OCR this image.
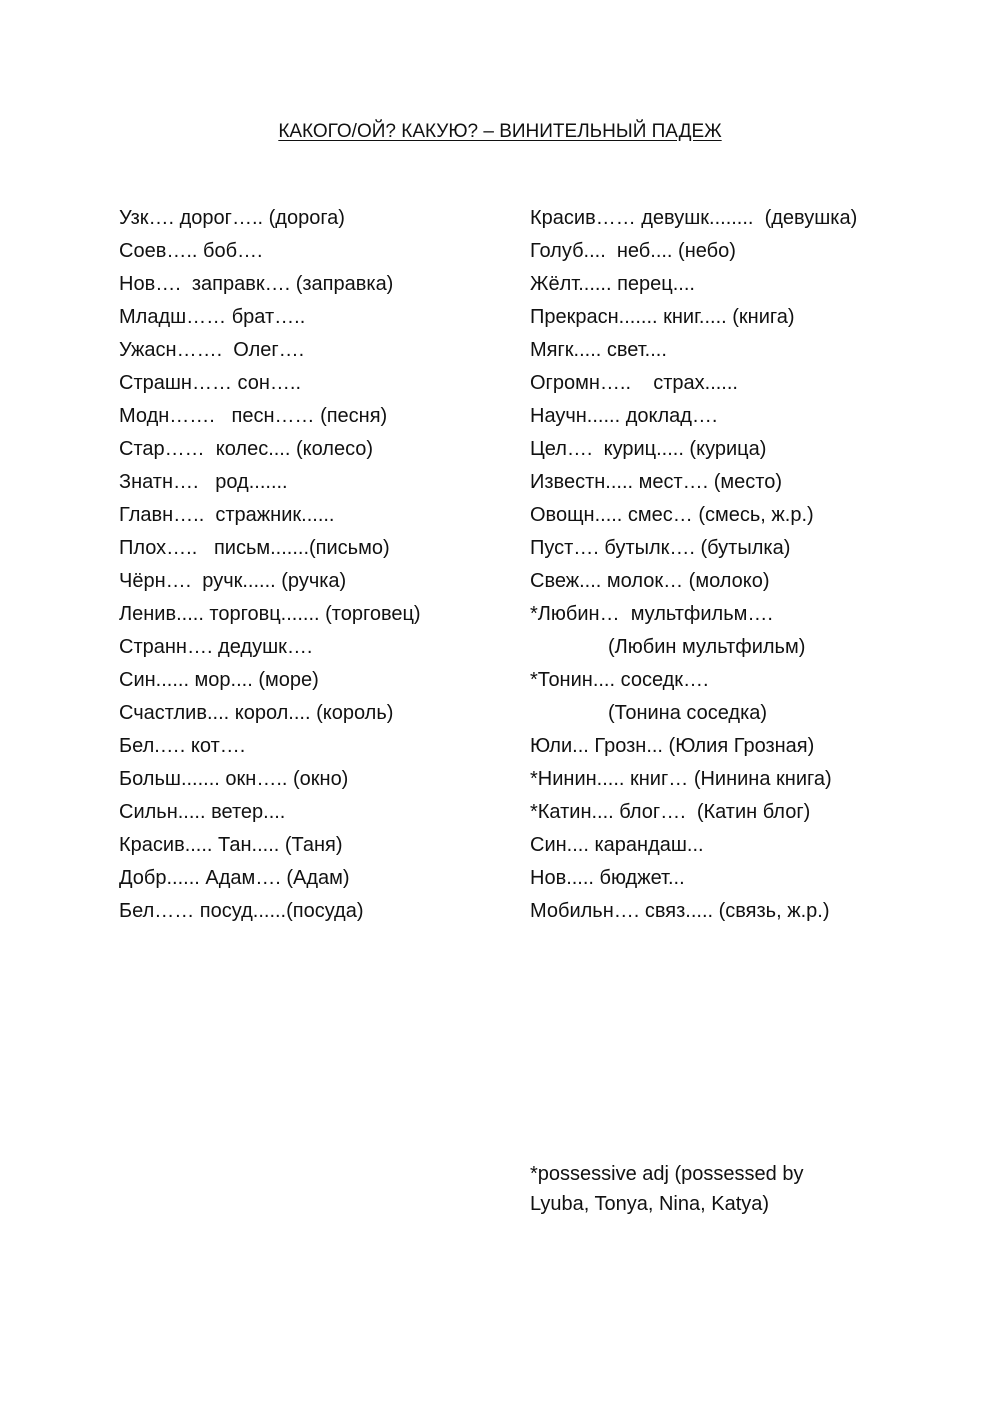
КАКОГО/ОЙ? КАКУЮ? – ВИНИТЕЛЬНЫЙ ПАДЕЖ
Узк…. дорог….. (дорога)
Соев….. боб….
Нов….  заправк…. (заправка)
Младш…… брат…..
Ужасн…….  Олег….
Страшн…… сон…..
Модн…….   песн…… (песня)
Стар……  колес.... (колесо)
Знатн….   род.......
Главн…..  стражник......
Плох…..   письм.......(письмо)
Чёрн….  ручк...... (ручка)
Ленив..... торговц....... (торговец)
Странн…. дедушк….
Син...... мор.... (море)
Счастлив.... корол.... (король)
Бел.…. кот….
Больш....... окн….. (окно)
Сильн..... ветер....
Красив..... Тан..... (Таня)
Добр...... Адам…. (Адам)
Бел…… посуд......(посуда)
Красив…… девушк........  (девушка)
Голуб....  неб.... (небо)
Жёлт...... перец....
Прекрасн....... книг..... (книга)
Мягк..... свет....
Огромн…..    страх......
Научн...... доклад….
Цел….  куриц..... (курица)
Известн..... мест…. (место)
Овощн..... смес… (смесь, ж.р.)
Пуст…. бутылк…. (бутылка)
Свеж.... молок… (молоко)
*Любин…  мультфильм….
(Любин мультфильм)
*Тонин.... соседк….
(Тонина соседка)
Юли... Грозн... (Юлия Грозная)
*Нинин..... книг… (Нинина книга)
*Катин.... блог….  (Катин блог)
Син.... карандаш...
Нов..... бюджет...
Мобильн…. связ..... (связь, ж.р.)
*possessive adj (possessed by
Lyuba, Tonya, Nina, Katya)
